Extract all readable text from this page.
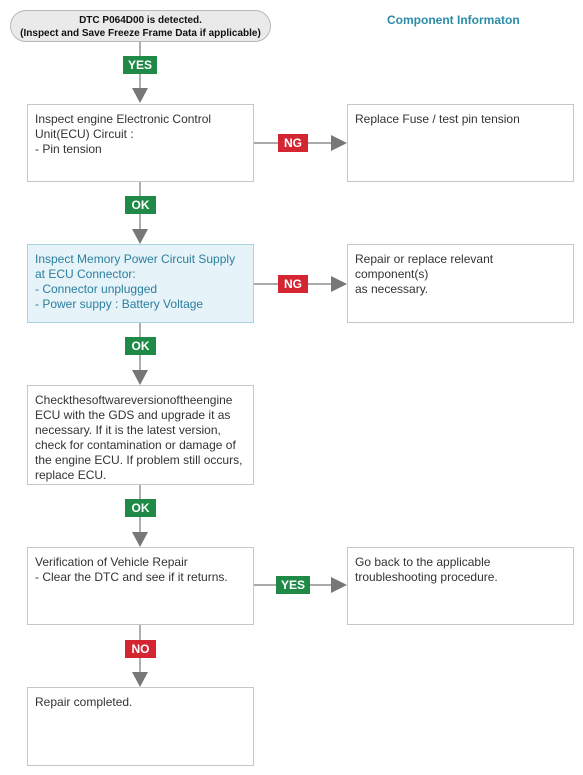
DTC P064D00 is detected.
(Inspect and Save Freeze Frame Data if applicable)
Component Informaton
YES
NG
OK
NG
OK
OK
YES
NO
Inspect engine Electronic Control
Unit(ECU) Circuit :
- Pin tension
Inspect Memory Power Circuit Supply
at ECU Connector:
- Connector unplugged
- Power suppy : Battery Voltage
Checkthesoftwareversionoftheengine
ECU with the GDS and upgrade it as
necessary. If it is the latest version,
check for contamination or damage of
the engine ECU. If problem still occurs,
replace ECU.
Verification of Vehicle Repair
- Clear the DTC and see if it returns.
Repair completed.
Replace Fuse / test pin tension
Repair or replace relevant component(s)
as necessary.
Go back to the applicable
troubleshooting procedure.
